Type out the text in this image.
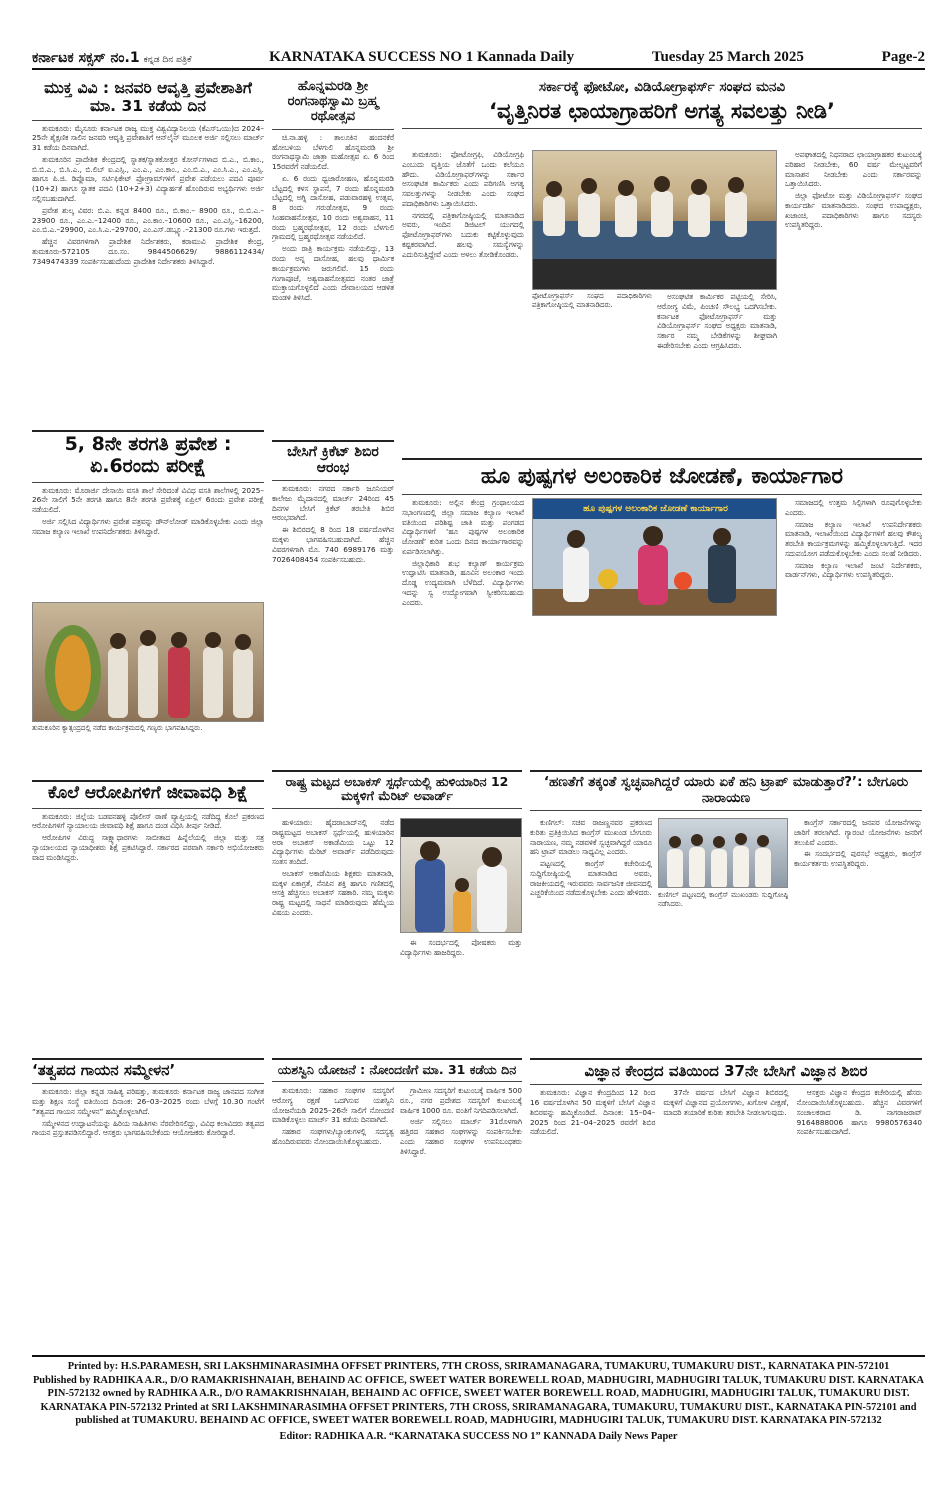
ಕರ್ನಾಟಕ ಸಕ್ಸಸ್ ನಂ.1 ಕನ್ನಡ ದಿನ ಪತ್ರಿಕೆ	KARNATAKA SUCCESS NO 1 Kannada Daily	Tuesday 25 March 2025	Page-2
ಮುಕ್ತ ವಿವಿ : ಜನವರಿ ಆವೃತ್ತಿ ಪ್ರವೇಶಾತಿಗೆ ಮಾ. 31 ಕಡೆಯ ದಿನ

ತುಮಕೂರು: ಮೈಸೂರು ಕರ್ನಾಟಕ ರಾಜ್ಯ ಮುಕ್ತ ವಿಶ್ವವಿದ್ಯಾನಿಲಯ (ಕೆಎಸ್‌ಒಯು)ದ 2024–25ನೇ ಶೈಕ್ಷಣಿಕ ಸಾಲಿನ ಜನವರಿ ಆವೃತ್ತಿ ಪ್ರವೇಶಾತಿಗೆ ಆನ್‌ಲೈನ್ ಮೂಲಕ ಅರ್ಜಿ ಸಲ್ಲಿಸಲು ಮಾರ್ಚ್ 31 ಕಡೆಯ ದಿನವಾಗಿದೆ.

ತುಮಕೂರಿನ ಪ್ರಾದೇಶಿಕ ಕೇಂದ್ರದಲ್ಲಿ ಸ್ನಾತಕ/ಸ್ನಾತಕೋತ್ತರ ಕೋರ್ಸ್‌ಗಳಾದ ಬಿ.ಎ., ಬಿ.ಕಾಂ., ಬಿ.ಬಿ.ಎ., ಬಿ.ಸಿ.ಎ., ಬಿ.ಲಿಬ್ ಐ.ಎಸ್ಸಿ., ಎಂ.ಎ., ಎಂ.ಕಾಂ., ಎಂ.ಬಿ.ಎ., ಎಂ.ಸಿ.ಎ., ಎಂ.ಎಸ್ಸಿ. ಹಾಗೂ ಪಿ.ಜಿ. ಡಿಪ್ಲೊಮಾ, ಸರ್ಟಿಫಿಕೇಟ್ ಪ್ರೋಗ್ರಾಮ್‌ಗಳಿಗೆ ಪ್ರವೇಶ ಪಡೆಯಲು ಪದವಿ ಪೂರ್ವ (10+2) ಹಾಗೂ ಸ್ನಾತಕ ಪದವಿ (10+2+3) ವಿದ್ಯಾರ್ಹತೆ ಹೊಂದಿರುವ ಅಭ್ಯರ್ಥಿಗಳು ಅರ್ಜಿ ಸಲ್ಲಿಸಬಹುದಾಗಿದೆ.

ಪ್ರವೇಶ ಶುಲ್ಕ ವಿವರ: ಬಿ.ಎ. ಕನ್ನಡ 8400 ರೂ., ಬಿ.ಕಾಂ.– 8900 ರೂ., ಬಿ.ಬಿ.ಎ.–23900 ರೂ., ಎಂ.ಎ.–12400 ರೂ., ಎಂ.ಕಾಂ.–10600 ರೂ., ಎಂ.ಎಸ್ಸಿ.–16200, ಎಂ.ಬಿ.ಎ.–29900, ಎಂ.ಸಿ.ಎ.–29700, ಎಂ.ಎಸ್.ಡಬ್ಲ್ಯೂ.–21300 ರೂ.ಗಳು ಇರುತ್ತದೆ.

ಹೆಚ್ಚಿನ ವಿವರಗಳಿಗಾಗಿ ಪ್ರಾದೇಶಿಕ ನಿರ್ದೇಶಕರು, ಕರಾಮುವಿ ಪ್ರಾದೇಶಿಕ ಕೇಂದ್ರ, ತುಮಕೂರು-572105 ದೂ.ಸಂ. 9844506629/ 9886112434/ 7349474339 ಸಂಪರ್ಕಿಸಬಹುದೆಂದು ಪ್ರಾದೇಶಿಕ ನಿರ್ದೇಶಕರು ತಿಳಿಸಿದ್ದಾರೆ.

ಹೊನ್ನಮರಡಿ ಶ್ರೀ ರಂಗನಾಥಸ್ವಾಮಿ ಬ್ರಹ್ಮ ರಥೋತ್ಸವ

ಚಿ.ನಾ.ಹಳ್ಳಿ : ತಾಲೂಕಿನ ಹಂದನಕೆರೆ ಹೋಬಳಿಯ ಬೆಳಗುಲಿ ಹೊನ್ನಮರಡಿ ಶ್ರೀ ರಂಗನಾಥಸ್ವಾಮಿ ಜಾತ್ರಾ ಮಹೋತ್ಸವ ಏ. 6 ರಿಂದ 15ರವರೆಗೆ ನಡೆಯಲಿದೆ.

ಏ. 6 ರಂದು ಧ್ವಜಾರೋಹಣ, ಹೊನ್ನಮರಡಿ ಬೆಟ್ಟದಲ್ಲಿ ಕಳಸ ಸ್ಥಾಪನೆ, 7 ರಂದು ಹೊನ್ನಮರಡಿ ಬೆಟ್ಟದಲ್ಲಿ ಅಗ್ನಿ ದಾಸೋಹ, ಪಡುವಾರಹಳ್ಳಿ ಉತ್ಸವ, 8 ರಂದು ಗರುಡೋತ್ಸವ, 9 ರಂದು ಸಿಂಹವಾಹನೋತ್ಸವ, 10 ರಂದು ಅಶ್ವವಾಹನ, 11 ರಂದು ಬ್ರಹ್ಮರಥೋತ್ಸವ, 12 ರಂದು ಬೆಳಗುಲಿ ಗ್ರಾಮದಲ್ಲಿ ಬ್ರಹ್ಮರಥೋತ್ಸವ ನಡೆಯಲಿದೆ.

ಅಂದು ರಾತ್ರಿ ಕಾರ್ಯಕ್ರಮ ನಡೆಯಲಿದ್ದು, 13 ರಂದು ಅನ್ನ ದಾಸೋಹ, ಹಲವು ಧಾರ್ಮಿಕ ಕಾರ್ಯಕ್ರಮಗಳು ಜರುಗಲಿವೆ. 15 ರಂದು ಗಂಗಾಪೂಜೆ, ಅಶ್ವವಾಹನೋತ್ಸವದ ನಂತರ ಜಾತ್ರೆ ಮುಕ್ತಾಯಗೊಳ್ಳಲಿದೆ ಎಂದು ದೇವಾಲಯದ ಆಡಳಿತ ಮಂಡಳಿ ತಿಳಿಸಿದೆ.

ಸರ್ಕಾರಕ್ಕೆ ಫೋಟೋ, ವಿಡಿಯೋಗ್ರಾಫರ್ಸ್ ಸಂಘದ ಮನವಿ
‘ವೃತ್ತಿನಿರತ ಛಾಯಾಗ್ರಾಹರಿಗೆ ಅಗತ್ಯ ಸವಲತ್ತು ನೀಡಿ’

ತುಮಕೂರು: ಫೋಟೋಗ್ರಫಿ, ವಿಡಿಯೋಗ್ರಫಿ ಎಂಬುದು ವೃತ್ತಿಯ ಜೊತೆಗೆ ಒಂದು ಕಲೆಯೂ ಹೌದು. ವಿಡಿಯೋಗ್ರಾಫರ್‌ಗಳನ್ನು ಸರ್ಕಾರ ಅಸಂಘಟಿತ ಕಾರ್ಮಿಕರು ಎಂದು ಪರಿಗಣಿಸಿ ಅಗತ್ಯ ಸವಲತ್ತುಗಳನ್ನು ನೀಡಬೇಕು ಎಂದು ಸಂಘದ ಪದಾಧಿಕಾರಿಗಳು ಒತ್ತಾಯಿಸಿದರು.

ನಗರದಲ್ಲಿ ಪತ್ರಿಕಾಗೋಷ್ಠಿಯಲ್ಲಿ ಮಾತನಾಡಿದ ಅವರು, ಇಂದಿನ ಡಿಜಿಟಲ್ ಯುಗದಲ್ಲಿ ಫೋಟೋಗ್ರಾಫರ್‌ಗಳು ಬದುಕು ಕಟ್ಟಿಕೊಳ್ಳುವುದು ಕಷ್ಟಕರವಾಗಿದೆ. ಹಲವು ಸಮಸ್ಯೆಗಳನ್ನು ಎದುರಿಸುತ್ತಿದ್ದೇವೆ ಎಂದು ಅಳಲು ತೋಡಿಕೊಂಡರು.

ಅಪಘಾತದಲ್ಲಿ ನಿಧನರಾದ ಛಾಯಾಗ್ರಾಹಕರ ಕುಟುಂಬಕ್ಕೆ ಪರಿಹಾರ ನೀಡಬೇಕು, 60 ವರ್ಷ ಮೇಲ್ಪಟ್ಟವರಿಗೆ ಮಾಸಾಶನ ನೀಡಬೇಕು ಎಂದು ಸರ್ಕಾರವನ್ನು ಒತ್ತಾಯಿಸಿದರು.

ಜಿಲ್ಲಾ ಫೋಟೋ ಮತ್ತು ವಿಡಿಯೋಗ್ರಾಫರ್ಸ್ ಸಂಘದ ಕಾರ್ಯದರ್ಶಿ ಮಾತನಾಡಿದರು. ಸಂಘದ ಉಪಾಧ್ಯಕ್ಷರು, ಖಜಾಂಚಿ, ಪದಾಧಿಕಾರಿಗಳು ಹಾಗೂ ಸದಸ್ಯರು ಉಪಸ್ಥಿತರಿದ್ದರು.

ಫೋಟೋಗ್ರಾಫರ್ಸ್ ಸಂಘದ ಪದಾಧಿಕಾರಿಗಳು ಪತ್ರಿಕಾಗೋಷ್ಠಿಯಲ್ಲಿ ಮಾತನಾಡಿದರು.

ಅಸಂಘಟಿತ ಕಾರ್ಮಿಕರ ಪಟ್ಟಿಯಲ್ಲಿ ಸೇರಿಸಿ, ಆರೋಗ್ಯ ವಿಮೆ, ಪಿಂಚಣಿ ಸೌಲಭ್ಯ ಒದಗಿಸಬೇಕು. ಕರ್ನಾಟಕ ಫೋಟೋಗ್ರಾಫರ್ಸ್ ಮತ್ತು ವಿಡಿಯೋಗ್ರಾಫರ್ಸ್ ಸಂಘದ ಅಧ್ಯಕ್ಷರು ಮಾತನಾಡಿ, ಸರ್ಕಾರ ನಮ್ಮ ಬೇಡಿಕೆಗಳನ್ನು ಶೀಘ್ರವಾಗಿ ಈಡೇರಿಸಬೇಕು ಎಂದು ಆಗ್ರಹಿಸಿದರು.

5, 8ನೇ ತರಗತಿ ಪ್ರವೇಶ : ಏ.6ರಂದು ಪರೀಕ್ಷೆ

ತುಮಕೂರು: ಮೊರಾರ್ಜಿ ದೇಸಾಯಿ ವಸತಿ ಶಾಲೆ ಸೇರಿದಂತೆ ವಿವಿಧ ವಸತಿ ಶಾಲೆಗಳಲ್ಲಿ 2025–26ನೇ ಸಾಲಿಗೆ 5ನೇ ತರಗತಿ ಹಾಗೂ 8ನೇ ತರಗತಿ ಪ್ರವೇಶಕ್ಕೆ ಏಪ್ರಿಲ್ 6ರಂದು ಪ್ರವೇಶ ಪರೀಕ್ಷೆ ನಡೆಯಲಿದೆ.

ಅರ್ಜಿ ಸಲ್ಲಿಸಿದ ವಿದ್ಯಾರ್ಥಿಗಳು ಪ್ರವೇಶ ಪತ್ರವನ್ನು ಡೌನ್‌ಲೋಡ್ ಮಾಡಿಕೊಳ್ಳಬೇಕು ಎಂದು ಜಿಲ್ಲಾ ಸಮಾಜ ಕಲ್ಯಾಣ ಇಲಾಖೆ ಉಪನಿರ್ದೇಶಕರು ತಿಳಿಸಿದ್ದಾರೆ.

ತುಮಕೂರಿನ ಕ್ಯಾತ್ಸಂದ್ರದಲ್ಲಿ ನಡೆದ ಕಾರ್ಯಕ್ರಮದಲ್ಲಿ ಗಣ್ಯರು ಭಾಗವಹಿಸಿದ್ದರು.
ಬೇಸಿಗೆ ಕ್ರಿಕೆಟ್ ಶಿಬಿರ ಆರಂಭ

ತುಮಕೂರು: ನಗರದ ಸರ್ಕಾರಿ ಜೂನಿಯರ್ ಕಾಲೇಜು ಮೈದಾನದಲ್ಲಿ ಮಾರ್ಚ್ 24ರಿಂದ 45 ದಿನಗಳ ಬೇಸಿಗೆ ಕ್ರಿಕೆಟ್ ತರಬೇತಿ ಶಿಬಿರ ಆರಂಭವಾಗಿದೆ.

ಈ ಶಿಬಿರದಲ್ಲಿ 8 ರಿಂದ 18 ವರ್ಷದೊಳಗಿನ ಮಕ್ಕಳು ಭಾಗವಹಿಸಬಹುದಾಗಿದೆ. ಹೆಚ್ಚಿನ ವಿವರಗಳಿಗಾಗಿ ಮೊ. 740 6989176 ಮತ್ತು 7026408454 ಸಂಪರ್ಕಿಸಬಹುದು.

ಹೂ ಪುಷ್ಪಗಳ ಅಲಂಕಾರಿಕ ಜೋಡಣೆ, ಕಾರ್ಯಾಗಾರ

ತುಮಕೂರು: ಅಲ್ಲಿನ ಕೇಂದ್ರ ಗ್ರಂಥಾಲಯದ ಸಭಾಂಗಣದಲ್ಲಿ ಜಿಲ್ಲಾ ಸಮಾಜ ಕಲ್ಯಾಣ ಇಲಾಖೆ ವತಿಯಿಂದ ಪರಿಶಿಷ್ಟ ಜಾತಿ ಮತ್ತು ಪಂಗಡದ ವಿದ್ಯಾರ್ಥಿಗಳಿಗೆ ‘ಹೂ ಪುಷ್ಪಗಳ ಅಲಂಕಾರಿಕ ಜೋಡಣೆ’ ಕುರಿತ ಒಂದು ದಿನದ ಕಾರ್ಯಾಗಾರವನ್ನು ಏರ್ಪಡಿಸಲಾಗಿತ್ತು.

ಜಿಲ್ಲಾಧಿಕಾರಿ ಶುಭ ಕಲ್ಯಾಣ್ ಕಾರ್ಯಕ್ರಮ ಉದ್ಘಾಟಿಸಿ ಮಾತನಾಡಿ, ಹೂವಿನ ಅಲಂಕಾರ ಇಂದು ದೊಡ್ಡ ಉದ್ಯಮವಾಗಿ ಬೆಳೆದಿದೆ. ವಿದ್ಯಾರ್ಥಿಗಳು ಇದನ್ನು ಸ್ವ ಉದ್ಯೋಗವಾಗಿ ಸ್ವೀಕರಿಸಬಹುದು ಎಂದರು.

ಹೂ ಪುಷ್ಪಗಳ ಅಲಂಕಾರಿಕ ಜೋಡಣೆ ಕಾರ್ಯಾಗಾರ

ಸಮಾಜದಲ್ಲಿ ಉತ್ತಮ ಸಿಲ್ಪಿಗಳಾಗಿ ರೂಪುಗೊಳ್ಳಬೇಕು ಎಂದರು.

ಸಮಾಜ ಕಲ್ಯಾಣ ಇಲಾಖೆ ಉಪನಿರ್ದೇಶಕರು ಮಾತನಾಡಿ, ಇಲಾಖೆಯಿಂದ ವಿದ್ಯಾರ್ಥಿಗಳಿಗೆ ಹಲವು ಕೌಶಲ್ಯ ತರಬೇತಿ ಕಾರ್ಯಕ್ರಮಗಳನ್ನು ಹಮ್ಮಿಕೊಳ್ಳಲಾಗುತ್ತಿದೆ. ಇದರ ಸದುಪಯೋಗ ಪಡೆದುಕೊಳ್ಳಬೇಕು ಎಂದು ಸಲಹೆ ನೀಡಿದರು.

ಸಮಾಜ ಕಲ್ಯಾಣ ಇಲಾಖೆ ಜಂಟಿ ನಿರ್ದೇಶಕರು, ವಾರ್ಡನ್‌ಗಳು, ವಿದ್ಯಾರ್ಥಿಗಳು ಉಪಸ್ಥಿತರಿದ್ದರು.

ರಾಷ್ಟ್ರ ಮಟ್ಟದ ಅಬಾಕಸ್ ಸ್ಪರ್ಧೆಯಲ್ಲಿ ಹುಳಿಯಾರಿನ 12 ಮಕ್ಕಳಿಗೆ ಮೆರಿಟ್ ಅವಾರ್ಡ್

ಹುಳಿಯಾರು: ಹೈದರಾಬಾದ್‌ನಲ್ಲಿ ನಡೆದ ರಾಷ್ಟ್ರಮಟ್ಟದ ಅಬಾಕಸ್ ಸ್ಪರ್ಧೆಯಲ್ಲಿ ಹುಳಿಯಾರಿನ ಅರಾ ಅಬಾಕಸ್ ಅಕಾಡೆಮಿಯ ಒಟ್ಟು 12 ವಿದ್ಯಾರ್ಥಿಗಳು ಮೆರಿಟ್ ಅವಾರ್ಡ್ ಪಡೆದಿರುವುದು ಸಂತಸ ತಂದಿದೆ.

ಅಬಾಕಸ್ ಅಕಾಡೆಮಿಯ ಶಿಕ್ಷಕರು ಮಾತನಾಡಿ, ಮಕ್ಕಳ ಏಕಾಗ್ರತೆ, ನೆನಪಿನ ಶಕ್ತಿ ಹಾಗೂ ಗಣಿತದಲ್ಲಿ ಆಸಕ್ತಿ ಹೆಚ್ಚಿಸಲು ಅಬಾಕಸ್ ಸಹಕಾರಿ. ನಮ್ಮ ಮಕ್ಕಳು ರಾಷ್ಟ್ರ ಮಟ್ಟದಲ್ಲಿ ಸಾಧನೆ ಮಾಡಿರುವುದು ಹೆಮ್ಮೆಯ ವಿಷಯ ಎಂದರು.

ಈ ಸಂದರ್ಭದಲ್ಲಿ ಪೋಷಕರು ಮತ್ತು ವಿದ್ಯಾರ್ಥಿಗಳು ಹಾಜರಿದ್ದರು.

‘ಹಣತೆಗೆ ತಕ್ಕಂತೆ ಸ್ವಚ್ಛವಾಗಿದ್ದರೆ ಯಾರು ಏಕೆ ಹನಿ ಟ್ರಾಪ್ ಮಾಡುತ್ತಾರೆ?’: ಬೇಗೂರು ನಾರಾಯಣ

ಕುಣಿಗಲ್: ಸಚಿವ ರಾಜಣ್ಣನವರ ಪ್ರಕರಣದ ಕುರಿತು ಪ್ರತಿಕ್ರಿಯಿಸಿದ ಕಾಂಗ್ರೆಸ್ ಮುಖಂಡ ಬೇಗೂರು ನಾರಾಯಣ, ನಮ್ಮ ನಡವಳಿಕೆ ಸ್ವಚ್ಛವಾಗಿದ್ದರೆ ಯಾರೂ ಹನಿ ಟ್ರಾಪ್ ಮಾಡಲು ಸಾಧ್ಯವಿಲ್ಲ ಎಂದರು.

ಪಟ್ಟಣದಲ್ಲಿ ಕಾಂಗ್ರೆಸ್ ಕಚೇರಿಯಲ್ಲಿ ಸುದ್ದಿಗೋಷ್ಠಿಯಲ್ಲಿ ಮಾತನಾಡಿದ ಅವರು, ರಾಜಕೀಯದಲ್ಲಿ ಇರುವವರು ಸಾರ್ವಜನಿಕ ಜೀವನದಲ್ಲಿ ಎಚ್ಚರಿಕೆಯಿಂದ ನಡೆದುಕೊಳ್ಳಬೇಕು ಎಂದು ಹೇಳಿದರು. ಕುಣಿಗಲ್ ಪಟ್ಟಣದಲ್ಲಿ ಕಾಂಗ್ರೆಸ್ ಮುಖಂಡರು ಸುದ್ದಿಗೋಷ್ಠಿ ನಡೆಸಿದರು.

ಕಾಂಗ್ರೆಸ್ ಸರ್ಕಾರದಲ್ಲಿ ಜನಪರ ಯೋಜನೆಗಳನ್ನು ಜಾರಿಗೆ ತರಲಾಗಿದೆ. ಗ್ಯಾರಂಟಿ ಯೋಜನೆಗಳು ಜನರಿಗೆ ತಲುಪಿವೆ ಎಂದರು.

ಈ ಸಂದರ್ಭದಲ್ಲಿ ಪುರಸಭೆ ಅಧ್ಯಕ್ಷರು, ಕಾಂಗ್ರೆಸ್ ಕಾರ್ಯಕರ್ತರು ಉಪಸ್ಥಿತರಿದ್ದರು.

ಕೊಲೆ ಆರೋಪಿಗಳಿಗೆ ಜೀವಾವಧಿ ಶಿಕ್ಷೆ

ತುಮಕೂರು: ಜಿಲ್ಲೆಯ ಬಡವನಹಳ್ಳಿ ಪೊಲೀಸ್ ಠಾಣೆ ವ್ಯಾಪ್ತಿಯಲ್ಲಿ ನಡೆದಿದ್ದ ಕೊಲೆ ಪ್ರಕರಣದ ಆರೋಪಿಗಳಿಗೆ ನ್ಯಾಯಾಲಯ ಜೀವಾವಧಿ ಶಿಕ್ಷೆ ಹಾಗೂ ದಂಡ ವಿಧಿಸಿ ತೀರ್ಪು ನೀಡಿದೆ.

ಆರೋಪಿಗಳ ವಿರುದ್ಧ ಸಾಕ್ಷ್ಯಾಧಾರಗಳು ಸಾಬೀತಾದ ಹಿನ್ನೆಲೆಯಲ್ಲಿ ಜಿಲ್ಲಾ ಮತ್ತು ಸತ್ರ ನ್ಯಾಯಾಲಯದ ನ್ಯಾಯಾಧೀಶರು ಶಿಕ್ಷೆ ಪ್ರಕಟಿಸಿದ್ದಾರೆ. ಸರ್ಕಾರದ ಪರವಾಗಿ ಸರ್ಕಾರಿ ಅಭಿಯೋಜಕರು ವಾದ ಮಂಡಿಸಿದ್ದರು.

‘ತತ್ವಪದ ಗಾಯನ ಸಮ್ಮೇಳನ’

ತುಮಕೂರು: ಜಿಲ್ಲಾ ಕನ್ನಡ ಸಾಹಿತ್ಯ ಪರಿಷತ್ತು, ತುಮಕೂರು ಕರ್ನಾಟಕ ರಾಜ್ಯ ಜಾನಪದ ಸಂಗೀತ ಮತ್ತು ಶಿಕ್ಷಣ ಸಂಸ್ಥೆ ವತಿಯಿಂದ ದಿನಾಂಕ: 26–03–2025 ರಂದು ಬೆಳಗ್ಗೆ 10.30 ಗಂಟೆಗೆ “ತತ್ವಪದ ಗಾಯನ ಸಮ್ಮೇಳನ” ಹಮ್ಮಿಕೊಳ್ಳಲಾಗಿದೆ.

ಸಮ್ಮೇಳನದ ಉದ್ಘಾಟನೆಯನ್ನು ಹಿರಿಯ ಸಾಹಿತಿಗಳು ನೆರವೇರಿಸಲಿದ್ದು, ವಿವಿಧ ಕಲಾವಿದರು ತತ್ವಪದ ಗಾಯನ ಪ್ರಸ್ತುತಪಡಿಸಲಿದ್ದಾರೆ. ಆಸಕ್ತರು ಭಾಗವಹಿಸಬೇಕೆಂದು ಆಯೋಜಕರು ಕೋರಿದ್ದಾರೆ.

ಯಶಸ್ವಿನಿ ಯೋಜನೆ : ನೋಂದಣಿಗೆ ಮಾ. 31 ಕಡೆಯ ದಿನ

ತುಮಕೂರು: ಸಹಕಾರ ಸಂಘಗಳ ಸದಸ್ಯರಿಗೆ ಆರೋಗ್ಯ ರಕ್ಷಣೆ ಒದಗಿಸುವ ಯಶಸ್ವಿನಿ ಯೋಜನೆಯಡಿ 2025–26ನೇ ಸಾಲಿಗೆ ನೋಂದಣಿ ಮಾಡಿಕೊಳ್ಳಲು ಮಾರ್ಚ್ 31 ಕಡೆಯ ದಿನವಾಗಿದೆ.

ಸಹಕಾರ ಸಂಘಗಳು/ಬ್ಯಾಂಕುಗಳಲ್ಲಿ ಸದಸ್ಯತ್ವ ಹೊಂದಿರುವವರು ನೋಂದಾಯಿಸಿಕೊಳ್ಳಬಹುದು.

ಗ್ರಾಮೀಣ ಸದಸ್ಯರಿಗೆ ಕುಟುಂಬಕ್ಕೆ ವಾರ್ಷಿಕ 500 ರೂ., ನಗರ ಪ್ರದೇಶದ ಸದಸ್ಯರಿಗೆ ಕುಟುಂಬಕ್ಕೆ ವಾರ್ಷಿಕ 1000 ರೂ. ವಂತಿಗೆ ನಿಗದಿಪಡಿಸಲಾಗಿದೆ.

ಅರ್ಜಿ ಸಲ್ಲಿಸಲು ಮಾರ್ಚ್ 31ರೊಳಗಾಗಿ ಹತ್ತಿರದ ಸಹಕಾರ ಸಂಘಗಳನ್ನು ಸಂಪರ್ಕಿಸಬೇಕು ಎಂದು ಸಹಕಾರ ಸಂಘಗಳ ಉಪನಿಬಂಧಕರು ತಿಳಿಸಿದ್ದಾರೆ.

ವಿಜ್ಞಾನ ಕೇಂದ್ರದ ವತಿಯಿಂದ 37ನೇ ಬೇಸಿಗೆ ವಿಜ್ಞಾನ ಶಿಬಿರ

ತುಮಕೂರು: ವಿಜ್ಞಾನ ಕೇಂದ್ರದಿಂದ 12 ರಿಂದ 16 ವರ್ಷದೊಳಗಿನ 50 ಮಕ್ಕಳಿಗೆ ಬೇಸಿಗೆ ವಿಜ್ಞಾನ ಶಿಬಿರವನ್ನು ಹಮ್ಮಿಕೊಂಡಿದೆ. ದಿನಾಂಕ: 15–04–2025 ರಿಂದ 21–04–2025 ರವರೆಗೆ ಶಿಬಿರ ನಡೆಯಲಿದೆ.

37ನೇ ವರ್ಷದ ಬೇಸಿಗೆ ವಿಜ್ಞಾನ ಶಿಬಿರದಲ್ಲಿ ಮಕ್ಕಳಿಗೆ ವಿಜ್ಞಾನದ ಪ್ರಯೋಗಗಳು, ಖಗೋಳ ವೀಕ್ಷಣೆ, ಮಾದರಿ ತಯಾರಿಕೆ ಕುರಿತು ತರಬೇತಿ ನೀಡಲಾಗುವುದು.

ಆಸಕ್ತರು ವಿಜ್ಞಾನ ಕೇಂದ್ರದ ಕಚೇರಿಯಲ್ಲಿ ಹೆಸರು ನೋಂದಾಯಿಸಿಕೊಳ್ಳಬಹುದು. ಹೆಚ್ಚಿನ ವಿವರಗಳಿಗೆ ಸಂಚಾಲಕರಾದ ಡಿ. ನಾಗರಾಜರಾವ್ 9164888006 ಹಾಗೂ 9980576340 ಸಂಪರ್ಕಿಸಬಹುದಾಗಿದೆ.

Printed by: H.S.PARAMESH, SRI LAKSHMINARASIMHA OFFSET PRINTERS, 7TH CROSS, SRIRAMANAGARA, TUMAKURU, TUMAKURU DIST., KARNATAKA PIN-572101
Published by RADHIKA A.R., D/O RAMAKRISHNAIAH, BEHAIND AC OFFICE, SWEET WATER BOREWELL ROAD, MADHUGIRI, MADHUGIRI TALUK, TUMAKURU DIST. KARNATAKA PIN-572132 owned by RADHIKA A.R., D/O RAMAKRISHNAIAH, BEHAIND AC OFFICE, SWEET WATER BOREWELL ROAD, MADHUGIRI, MADHUGIRI TALUK, TUMAKURU DIST. KARNATAKA PIN-572132 Printed at SRI LAKSHMINARASIMHA OFFSET PRINTERS, 7TH CROSS, SRIRAMANAGARA, TUMAKURU, TUMAKURU DIST., KARNATAKA PIN-572101 and published at TUMAKURU. BEHAIND AC OFFICE, SWEET WATER BOREWELL ROAD, MADHUGIRI, MADHUGIRI TALUK, TUMAKURU DIST. KARNATAKA PIN-572132
Editor: RADHIKA A.R. “KARNATAKA SUCCESS NO 1” KANNADA Daily News Paper
